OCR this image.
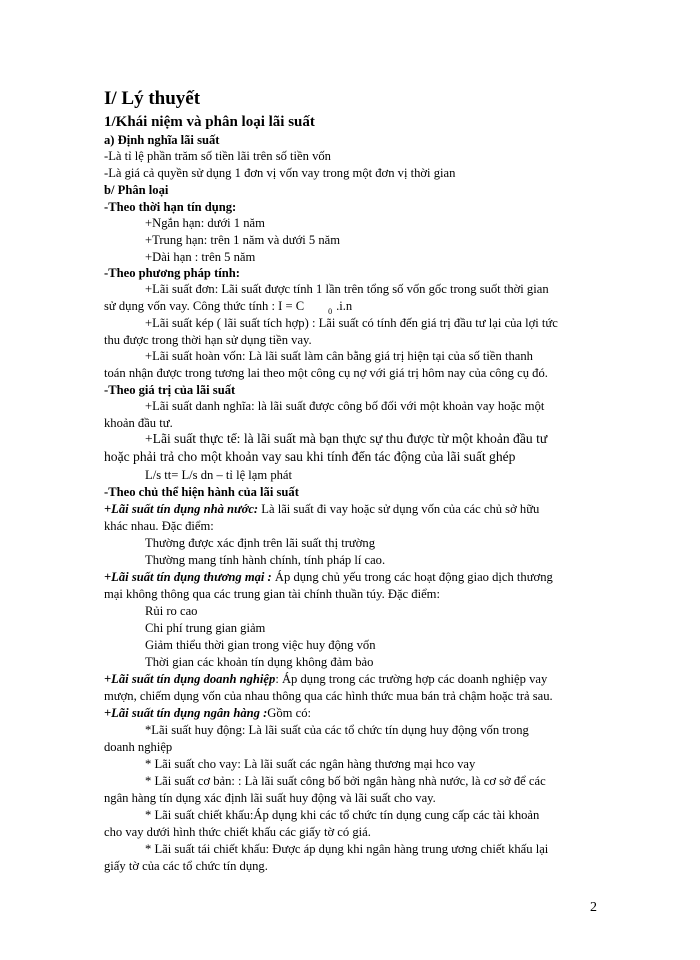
I/ Lý thuyết
1/Khái niệm và phân loại lãi suất
a) Định nghĩa lãi suất
-Là tỉ lệ phần trăm số tiền lãi trên số tiền vốn
-Là giá cả quyền sử dụng 1 đơn vị vốn vay trong một đơn vị thời gian
b/ Phân loại
-Theo thời hạn tín dụng:
+Ngắn hạn: dưới 1 năm
+Trung hạn: trên 1 năm và dưới 5 năm
+Dài hạn : trên 5 năm
-Theo phương pháp tính:
+Lãi suất đơn: Lãi suất được tính 1 lần trên tổng số vốn gốc trong suốt thời gian
sử dụng vốn vay. Công thức tính : I = C	$_0$ .i.n
+Lãi suất kép ( lãi suất tích hợp) : Lãi suất có tính đến giá trị đầu tư lại của lợi tức
thu được trong thời hạn sử dụng tiền vay.
+Lãi suất hoàn vốn: Là lãi suất làm cân bằng giá trị hiện tại của số tiền thanh
toán nhận được trong tương lai theo một công cụ nợ với giá trị hôm nay của công cụ đó.
-Theo giá trị của lãi suất
+Lãi suất danh nghĩa: là lãi suất được công bố đối với một khoản vay hoặc một
khoản đầu tư.
+Lãi suất thực tế: là lãi suất mà bạn thực sự thu được từ một khoản đầu tư
hoặc phải trả cho một khoản vay sau khi tính đến tác động của lãi suất ghép
L/s tt= L/s dn – tỉ lệ lạm phát
-Theo chủ thể hiện hành của lãi suất
+Lãi suất tín dụng nhà nước: Là lãi suất đi vay hoặc sử dụng vốn của các chủ sở hữu
khác nhau. Đặc điểm:
Thường được xác định trên lãi suất thị trường
Thường mang tính hành chính, tính pháp lí cao.
+Lãi suất tín dụng thương mại : Áp dụng chủ yếu trong các hoạt động giao dịch thương
mại không thông qua các trung gian tài chính thuần túy. Đặc điểm:
Rủi ro cao
Chi phí trung gian giảm
Giảm thiểu thời gian trong việc huy động vốn
Thời gian các khoản tín dụng không đảm bảo
+Lãi suất tín dụng doanh nghiệp: Áp dụng trong các trường hợp các doanh nghiệp vay
mượn, chiếm dụng vốn của nhau thông qua các hình thức mua bán trả chậm hoặc trả sau.
+Lãi suất tín dụng ngân hàng :Gồm có:
*Lãi suất huy động: Là lãi suất của các tổ chức tín dụng huy động vốn trong
doanh nghiệp
* Lãi suất cho vay: Là lãi suất các ngân hàng thương mại hco vay
* Lãi suất cơ bản: : Là lãi suất công bố bởi ngân hàng nhà nước, là cơ sở để các
ngân hàng tín dụng xác định lãi suất huy động và lãi suất cho vay.
* Lãi suất chiết khấu:Áp dụng khi các tổ chức tín dụng cung cấp các tài khoản
cho vay dưới hình thức chiết khấu các giấy tờ có giá.
* Lãi suất tái chiết khấu: Được áp dụng khi ngân hàng trung ương chiết khấu lại
giấy tờ của các tổ chức tín dụng.
2
